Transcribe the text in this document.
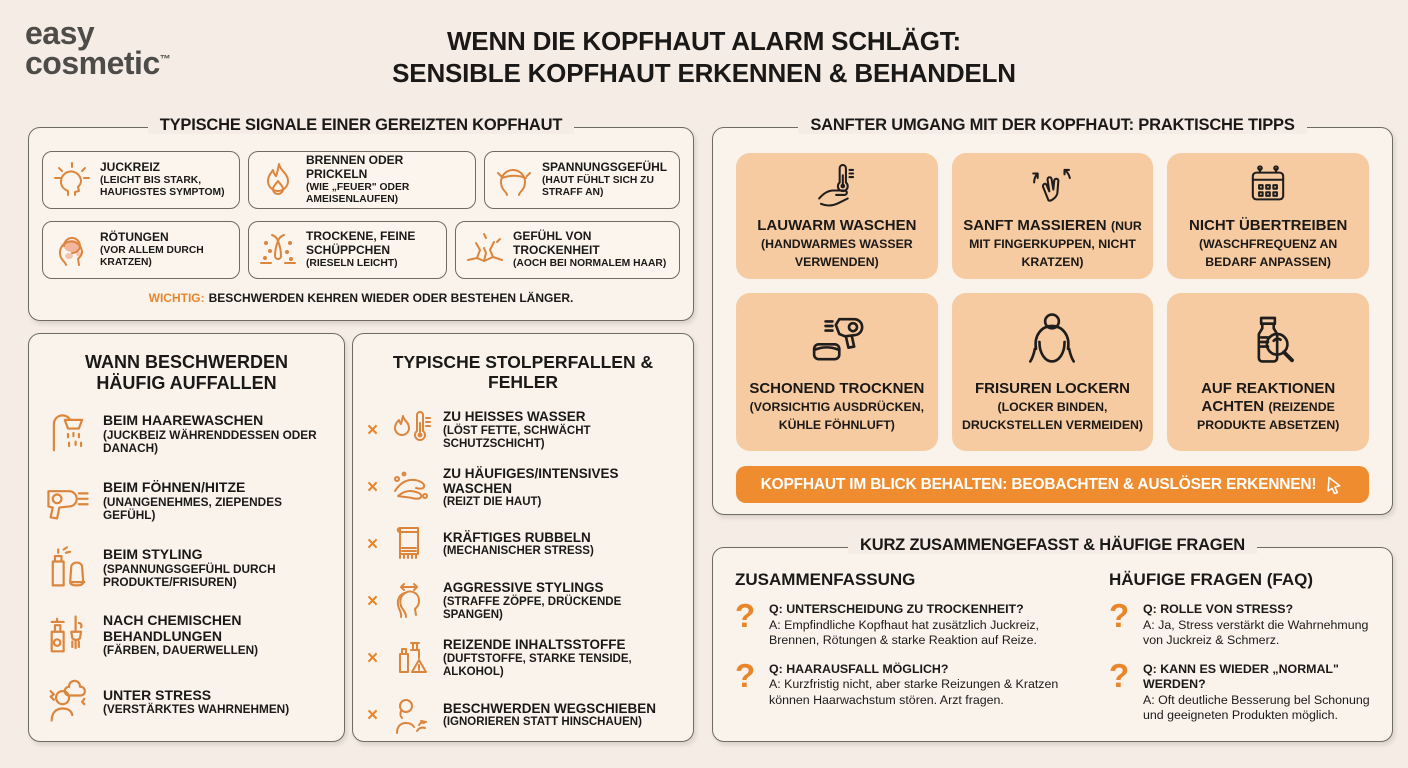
easy
cosmetic™
WENN DIE KOPFHAUT ALARM SCHLÄGT:
SENSIBLE KOPFHAUT ERKENNEN & BEHANDELN
TYPISCHE SIGNALE EINER GEREIZTEN KOPFHAUT
JUCKREIZ
(LEICHT BIS STARK, HAUFIGSTES SYMPTOM)
BRENNEN ODER PRICKELN
(WIE „FEUER" ODER AMEISENLAUFEN)
SPANNUNGSGEFÜHL
(HAUT FÜHLT SICH ZU STRAFF AN)
RÖTUNGEN
(VOR ALLEM DURCH KRATZEN)
TROCKENE, FEINE SCHÜPPCHEN
(RIESELN LEICHT)
GEFÜHL VON TROCKENHEIT
(AOCH BEI NORMALEM HAAR)
WICHTIG: BESCHWERDEN KEHREN WIEDER ODER BESTEHEN LÄNGER.
WANN BESCHWERDEN HÄUFIG AUFFALLEN
BEIM HAAREWASCHEN
(JUCKBEIZ WÄHRENDDESSEN ODER DANACH)
BEIM FÖHNEN/HITZE
(UNANGENEHMES, ZIEPENDES GEFÜHL)
BEIM STYLING
(SPANNUNGSGEFÜHL DURCH PRODUKTE/FRISUREN)
NACH CHEMISCHEN BEHANDLUNGEN
(FÄRBEN, DAUERWELLEN)
UNTER STRESS
(VERSTÄRKTES WAHRNEHMEN)
TYPISCHE STOLPERFALLEN & FEHLER
×
ZU HEISSES WASSER
(LÖST FETTE, SCHWÄCHT SCHUTZSCHICHT)
×
ZU HÄUFIGES/INTENSIVES WASCHEN
(REIZT DIE HAUT)
×	KRÄFTIGES RUBBELN
(MECHANISCHER STRESS)
×
AGGRESSIVE STYLINGS
(STRAFFE ZÖPFE, DRÜCKENDE SPANGEN)
×
REIZENDE INHALTSSTOFFE
(DUFTSTOFFE, STARKE TENSIDE, ALKOHOL)
×	BESCHWERDEN WEGSCHIEBEN
(IGNORIEREN STATT HINSCHAUEN)
SANFTER UMGANG MIT DER KOPFHAUT: PRAKTISCHE TIPPS
LAUWARM WASCHEN (HANDWARMES WASSER VERWENDEN)
SANFT MASSIEREN (NUR MIT FINGERKUPPEN, NICHT KRATZEN)
NICHT ÜBERTREIBEN (WASCHFREQUENZ AN BEDARF ANPASSEN)
SCHONEND TROCKNEN (VORSICHTIG AUSDRÜCKEN, KÜHLE FÖHNLUFT)
FRISUREN LOCKERN (LOCKER BINDEN, DRUCKSTELLEN VERMEIDEN)
AUF REAKTIONEN ACHTEN (REIZENDE PRODUKTE ABSETZEN)
KOPFHAUT IM BLICK BEHALTEN: BEOBACHTEN & AUSLÖSER ERKENNEN!
KURZ ZUSAMMENGEFASST & HÄUFIGE FRAGEN
ZUSAMMENFASSUNG
?	Q: UNTERSCHEIDUNG ZU TROCKENHEIT?
A: Empfindliche Kopfhaut hat zusätzlich Juckreiz, Brennen, Rötungen & starke Reaktion auf Reize.
?	Q: HAARAUSFALL MÖGLICH?
A: Kurzfristig nicht, aber starke Reizungen & Kratzen können Haarwachstum stören. Arzt fragen.
HÄUFIGE FRAGEN (FAQ)
?	Q: ROLLE VON STRESS?
A: Ja, Stress verstärkt die Wahrnehmung von Juckreiz & Schmerz.
?	Q: KANN ES WIEDER „NORMAL" WERDEN?
A: Oft deutliche Besserung bel Schonung und geeigneten Produkten möglich.
